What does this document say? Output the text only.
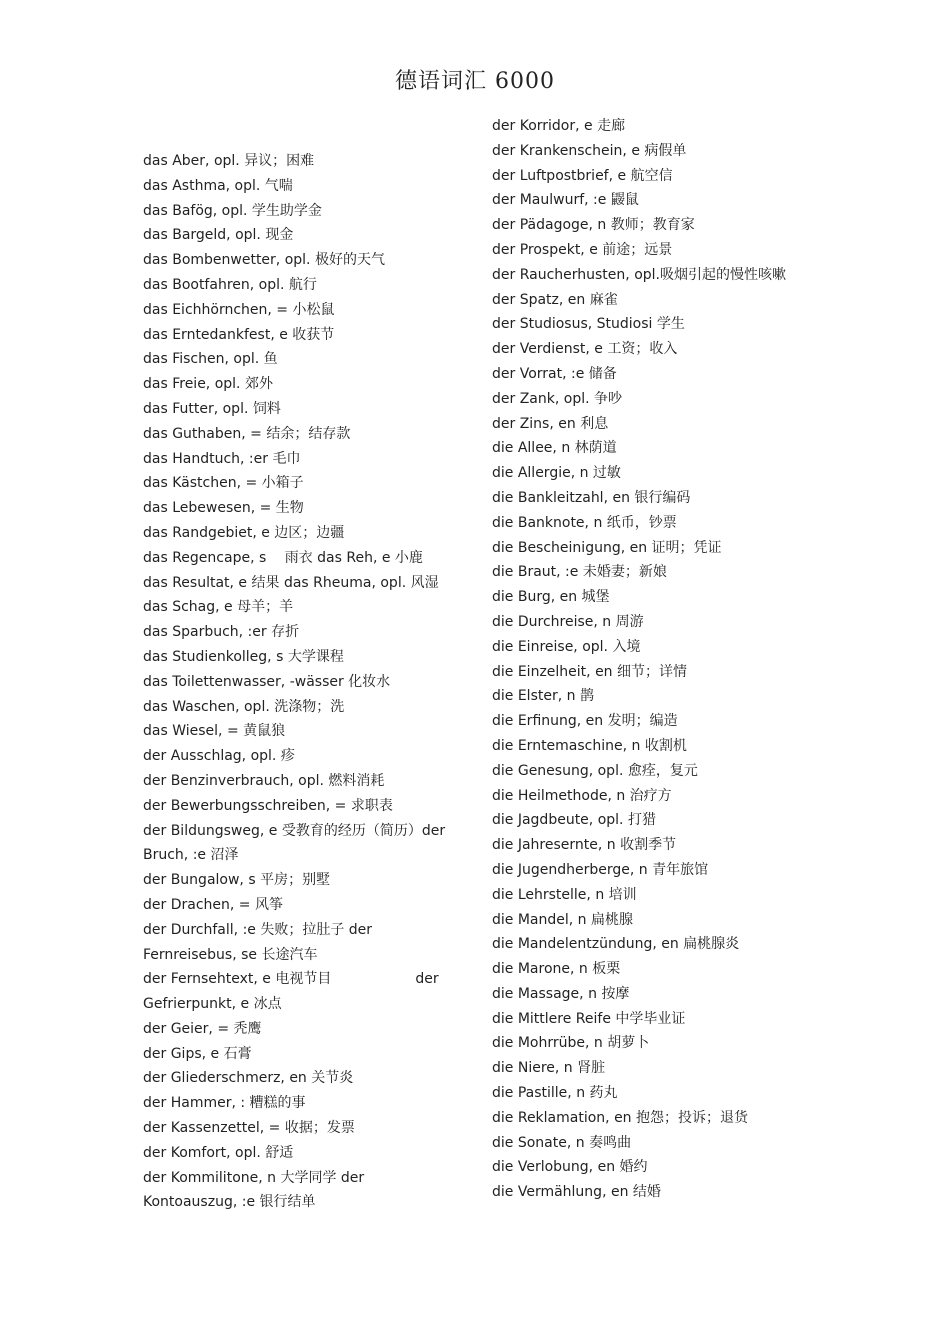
德语词汇 6000
das Aber, opl. 异议；困难
das Asthma, opl. 气喘
das Bafög, opl. 学生助学金
das Bargeld, opl. 现金
das Bombenwetter, opl. 极好的天气
das Bootfahren, opl. 航行
das Eichhörnchen, = 小松鼠
das Erntedankfest, e 收获节
das Fischen, opl. 鱼
das Freie, opl. 郊外
das Futter, opl. 饲料
das Guthaben, = 结余；结存款
das Handtuch, :er 毛巾
das Kästchen, = 小箱子
das Lebewesen, = 生物
das Randgebiet, e 边区；边疆
das Regencape, s 　雨衣 das Reh, e 小鹿
das Resultat, e 结果 das Rheuma, opl. 风湿
das Schag, e 母羊；羊
das Sparbuch, :er 存折
das Studienkolleg, s 大学课程
das Toilettenwasser, -wässer 化妆水
das Waschen, opl. 洗涤物；洗
das Wiesel, = 黄鼠狼
der Ausschlag, opl. 疹
der Benzinverbrauch, opl. 燃料消耗
der Bewerbungsschreiben, = 求职表
der Bildungsweg, e 受教育的经历（简历）der
Bruch, :e 沼泽
der Bungalow, s 平房；别墅
der Drachen, = 风筝
der Durchfall, :e 失败；拉肚子 der
Fernreisebus, se 长途汽车
der Fernsehtext, e 电视节目　　　　　　der
Gefrierpunkt, e 冰点
der Geier, = 秃鹰
der Gips, e 石膏
der Gliederschmerz, en 关节炎
der Hammer, : 糟糕的事
der Kassenzettel, = 收据；发票
der Komfort, opl. 舒适
der Kommilitone, n 大学同学 der
Kontoauszug, :e 银行结单
der Korridor, e 走廊
der Krankenschein, e 病假单
der Luftpostbrief, e 航空信
der Maulwurf, :e 鼹鼠
der Pädagoge, n 教师；教育家
der Prospekt, e 前途；远景
der Raucherhusten, opl.吸烟引起的慢性咳嗽
der Spatz, en 麻雀
der Studiosus, Studiosi 学生
der Verdienst, e 工资；收入
der Vorrat, :e 储备
der Zank, opl. 争吵
der Zins, en 利息
die Allee, n 林荫道
die Allergie, n 过敏
die Bankleitzahl, en 银行编码
die Banknote, n 纸币，钞票
die Bescheinigung, en 证明；凭证
die Braut, :e 未婚妻；新娘
die Burg, en 城堡
die Durchreise, n 周游
die Einreise, opl. 入境
die Einzelheit, en 细节；详情
die Elster, n 鹊
die Erfinung, en 发明；编造
die Erntemaschine, n 收割机
die Genesung, opl. 愈痊，复元
die Heilmethode, n 治疗方
die Jagdbeute, opl. 打猎
die Jahresernte, n 收割季节
die Jugendherberge, n 青年旅馆
die Lehrstelle, n 培训
die Mandel, n 扁桃腺
die Mandelentzündung, en 扁桃腺炎
die Marone, n 板栗
die Massage, n 按摩
die Mittlere Reife 中学毕业证
die Mohrrübe, n 胡萝卜
die Niere, n 肾脏
die Pastille, n 药丸
die Reklamation, en 抱怨；投诉；退货
die Sonate, n 奏鸣曲
die Verlobung, en 婚约
die Vermählung, en 结婚
